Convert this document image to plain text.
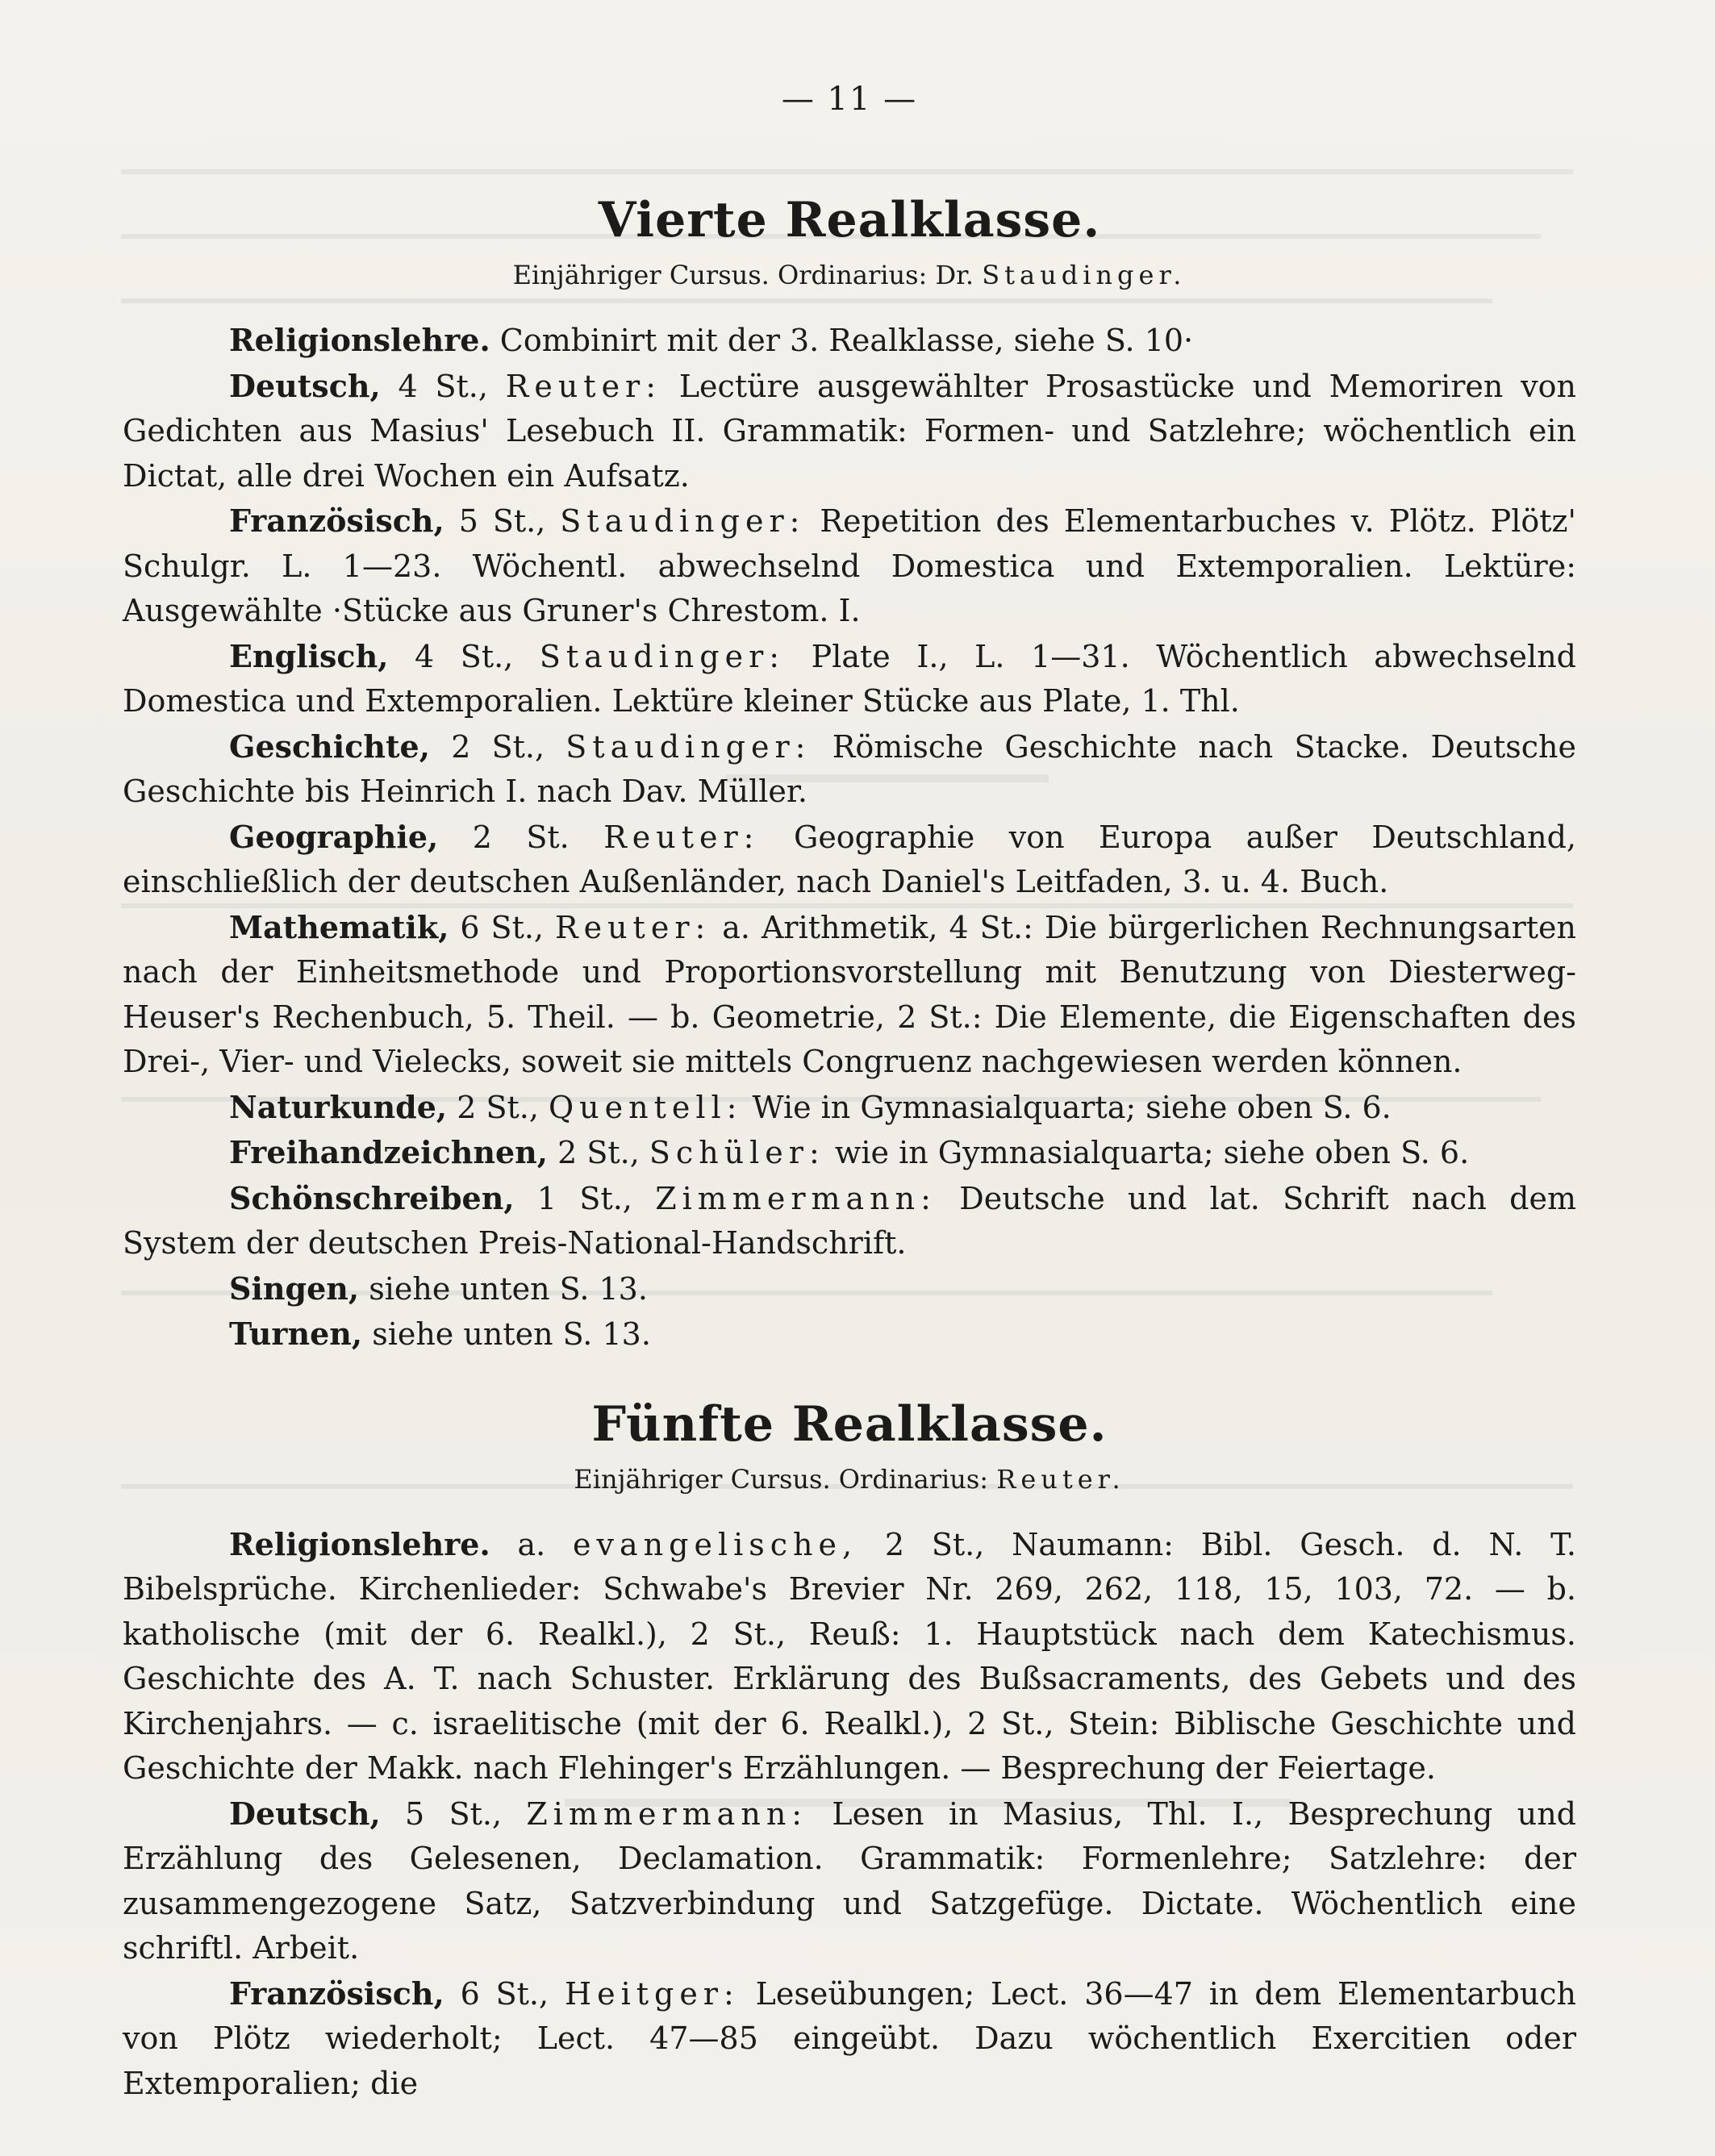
— 11 —
Vierte Realklasse.
Einjähriger Cursus. Ordinarius: Dr. Staudinger.

Religionslehre. Combinirt mit der 3. Realklasse, siehe S. 10·

Deutsch, 4 St., Reuter: Lectüre ausgewählter Prosastücke und Memoriren von Gedichten aus Masius' Lesebuch II. Grammatik: Formen- und Satzlehre; wöchentlich ein Dictat, alle drei Wochen ein Aufsatz.

Französisch, 5 St., Staudinger: Repetition des Elementarbuches v. Plötz. Plötz' Schulgr. L. 1—23. Wöchentl. abwechselnd Domestica und Extemporalien. Lektüre: Ausgewählte ·Stücke aus Gruner's Chrestom. I.

Englisch, 4 St., Staudinger: Plate I., L. 1—31. Wöchentlich abwechselnd Domestica und Extemporalien. Lektüre kleiner Stücke aus Plate, 1. Thl.

Geschichte, 2 St., Staudinger: Römische Geschichte nach Stacke. Deutsche Geschichte bis Heinrich I. nach Dav. Müller.

Geographie, 2 St. Reuter: Geographie von Europa außer Deutschland, einschließlich der deutschen Außenländer, nach Daniel's Leitfaden, 3. u. 4. Buch.

Mathematik, 6 St., Reuter: a. Arithmetik, 4 St.: Die bürgerlichen Rechnungsarten nach der Einheitsmethode und Proportionsvorstellung mit Benutzung von Diesterweg-Heuser's Rechenbuch, 5. Theil. — b. Geometrie, 2 St.: Die Elemente, die Eigenschaften des Drei-, Vier- und Vielecks, soweit sie mittels Congruenz nachgewiesen werden können.

Naturkunde, 2 St., Quentell: Wie in Gymnasialquarta; siehe oben S. 6.

Freihandzeichnen, 2 St., Schüler: wie in Gymnasialquarta; siehe oben S. 6.

Schönschreiben, 1 St., Zimmermann: Deutsche und lat. Schrift nach dem System der deutschen Preis-National-Handschrift.

Singen, siehe unten S. 13.

Turnen, siehe unten S. 13.

Fünfte Realklasse.
Einjähriger Cursus. Ordinarius: Reuter.

Religionslehre. a. evangelische, 2 St., Naumann: Bibl. Gesch. d. N. T. Bibelsprüche. Kirchenlieder: Schwabe's Brevier Nr. 269, 262, 118, 15, 103, 72. — b. katholische (mit der 6. Realkl.), 2 St., Reuß: 1. Hauptstück nach dem Katechismus. Geschichte des A. T. nach Schuster. Erklärung des Bußsacraments, des Gebets und des Kirchenjahrs. — c. israelitische (mit der 6. Realkl.), 2 St., Stein: Biblische Geschichte und Geschichte der Makk. nach Flehinger's Erzählungen. — Besprechung der Feiertage.

Deutsch, 5 St., Zimmermann: Lesen in Masius, Thl. I., Besprechung und Erzählung des Gelesenen, Declamation. Grammatik: Formenlehre; Satzlehre: der zusammengezogene Satz, Satzverbindung und Satzgefüge. Dictate. Wöchentlich eine schriftl. Arbeit.

Französisch, 6 St., Heitger: Leseübungen; Lect. 36—47 in dem Elementarbuch von Plötz wiederholt; Lect. 47—85 eingeübt. Dazu wöchentlich Exercitien oder Extemporalien; die
